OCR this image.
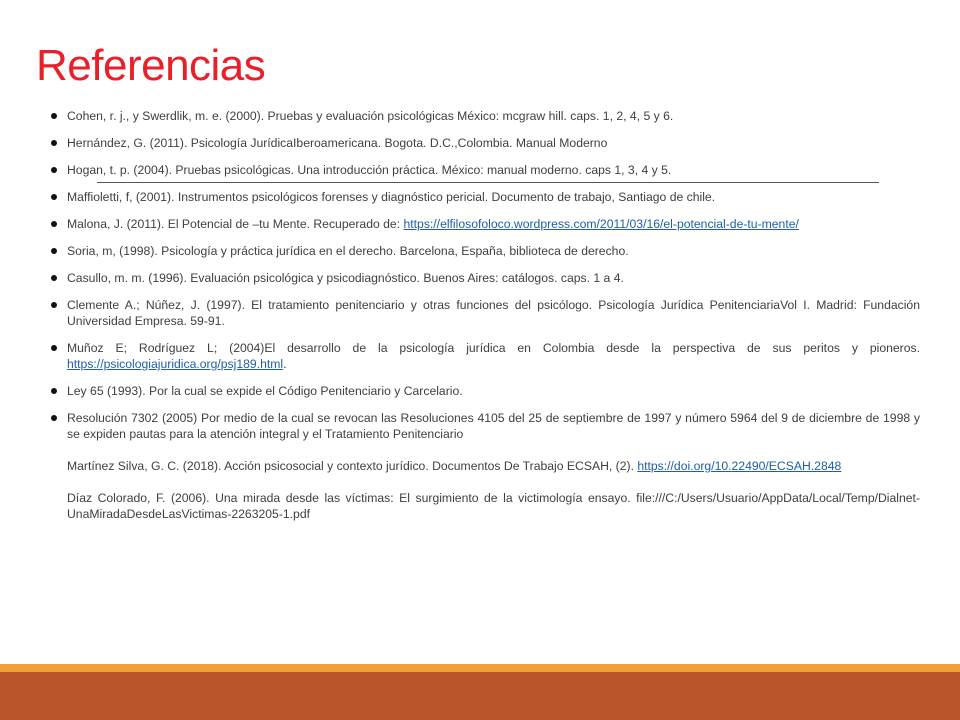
Referencias

Cohen, r. j., y Swerdlik, m. e. (2000). Pruebas y evaluación psicológicas México: mcgraw hill. caps. 1, 2, 4, 5 y 6.

Hernández, G. (2011). Psicología JurídicaIberoamericana. Bogota. D.C.,Colombia. Manual Moderno

Hogan, t. p. (2004). Pruebas psicológicas. Una introducción práctica. México: manual moderno. caps 1, 3, 4 y 5.

Maffioletti, f, (2001). Instrumentos psicológicos forenses y diagnóstico pericial. Documento de trabajo, Santiago de chile.

Malona, J. (2011). El Potencial de –tu Mente. Recuperado de: https://elfilosofoloco.wordpress.com/2011/03/16/el-potencial-de-tu-mente/

Soria, m, (1998). Psicología y práctica jurídica en el derecho. Barcelona, España, biblioteca de derecho.

Casullo, m. m. (1996). Evaluación psicológica y psicodiagnóstico. Buenos Aires: catálogos. caps. 1 a 4.

Clemente A.; Núñez, J. (1997). El tratamiento penitenciario y otras funciones del psicólogo. Psicología Jurídica PenitenciariaVol I. Madrid: Fundación Universidad Empresa. 59-91.

Muñoz E; Rodríguez L; (2004)El desarrollo de la psicología jurídica en Colombia desde la perspectiva de sus peritos y pioneros. https://psicologiajuridica.org/psj189.html.

Ley 65 (1993). Por la cual se expide el Código Penitenciario y Carcelario.

Resolución 7302 (2005) Por medio de la cual se revocan las Resoluciones 4105 del 25 de septiembre de 1997 y número 5964 del 9 de diciembre de 1998 y se expiden pautas para la atención integral y el Tratamiento Penitenciario

Martínez Silva, G. C. (2018). Acción psicosocial y contexto jurídico. Documentos De Trabajo ECSAH, (2). https://doi.org/10.22490/ECSAH.2848

Díaz Colorado, F. (2006). Una mirada desde las víctimas: El surgimiento de la victimología ensayo. file:///C:/Users/Usuario/AppData/Local/Temp/Dialnet-UnaMiradaDesdeLasVictimas-2263205-1.pdf
